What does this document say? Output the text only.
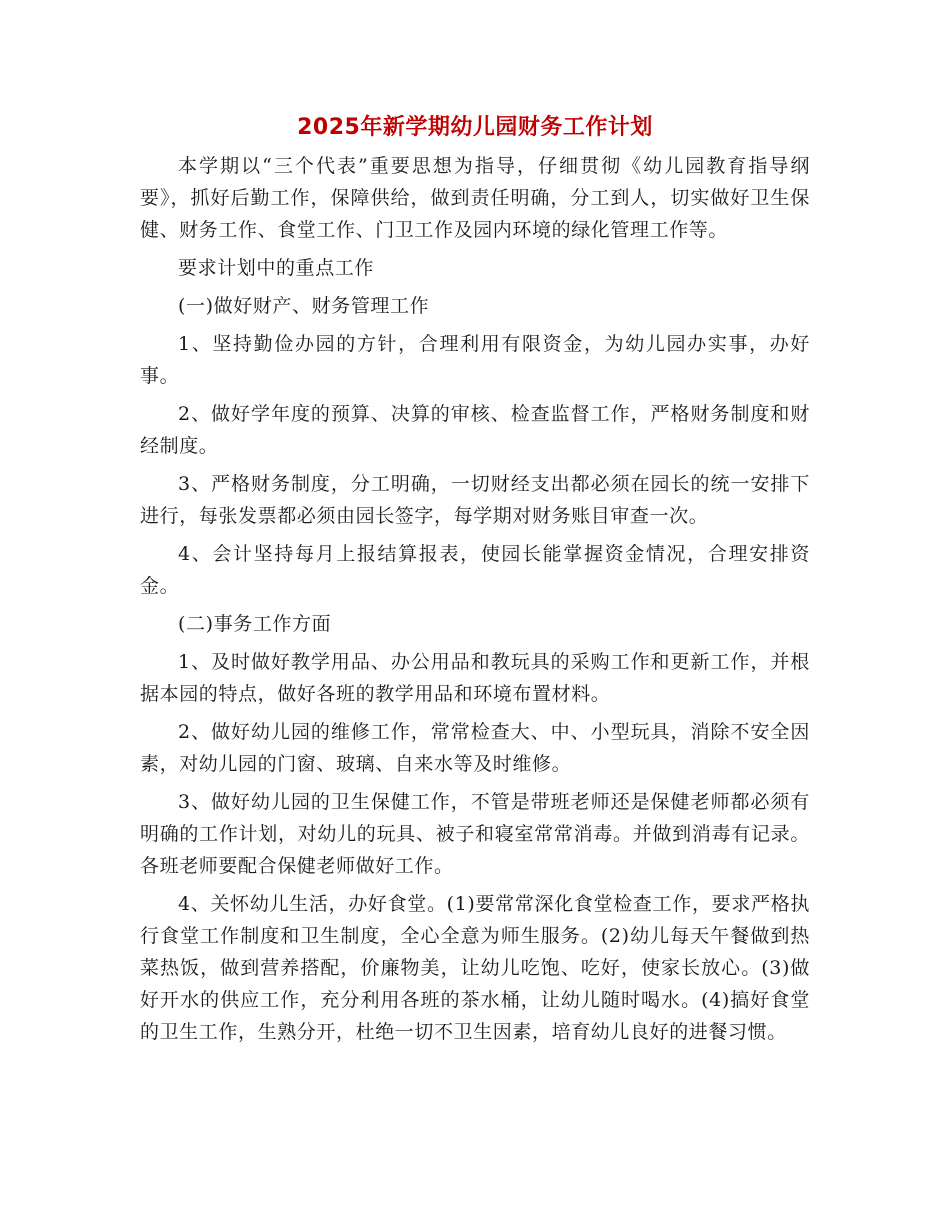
2025年新学期幼儿园财务工作计划

本学期以“三个代表”重要思想为指导，仔细贯彻《幼儿园教育指导纲要》，抓好后勤工作，保障供给，做到责任明确，分工到人，切实做好卫生保健、财务工作、食堂工作、门卫工作及园内环境的绿化管理工作等。

要求计划中的重点工作

(一)做好财产、财务管理工作

1、坚持勤俭办园的方针，合理利用有限资金，为幼儿园办实事，办好事。

2、做好学年度的预算、决算的审核、检查监督工作，严格财务制度和财经制度。

3、严格财务制度，分工明确，一切财经支出都必须在园长的统一安排下进行，每张发票都必须由园长签字，每学期对财务账目审查一次。

4、会计坚持每月上报结算报表，使园长能掌握资金情况，合理安排资金。

(二)事务工作方面

1、及时做好教学用品、办公用品和教玩具的采购工作和更新工作，并根据本园的特点，做好各班的教学用品和环境布置材料。

2、做好幼儿园的维修工作，常常检查大、中、小型玩具，消除不安全因素，对幼儿园的门窗、玻璃、自来水等及时维修。

3、做好幼儿园的卫生保健工作，不管是带班老师还是保健老师都必须有明确的工作计划，对幼儿的玩具、被子和寝室常常消毒。并做到消毒有记录。各班老师要配合保健老师做好工作。

4、关怀幼儿生活，办好食堂。(1)要常常深化食堂检查工作，要求严格执行食堂工作制度和卫生制度，全心全意为师生服务。(2)幼儿每天午餐做到热菜热饭，做到营养搭配，价廉物美，让幼儿吃饱、吃好，使家长放心。(3)做好开水的供应工作，充分利用各班的茶水桶，让幼儿随时喝水。(4)搞好食堂的卫生工作，生熟分开，杜绝一切不卫生因素，培育幼儿良好的进餐习惯。
